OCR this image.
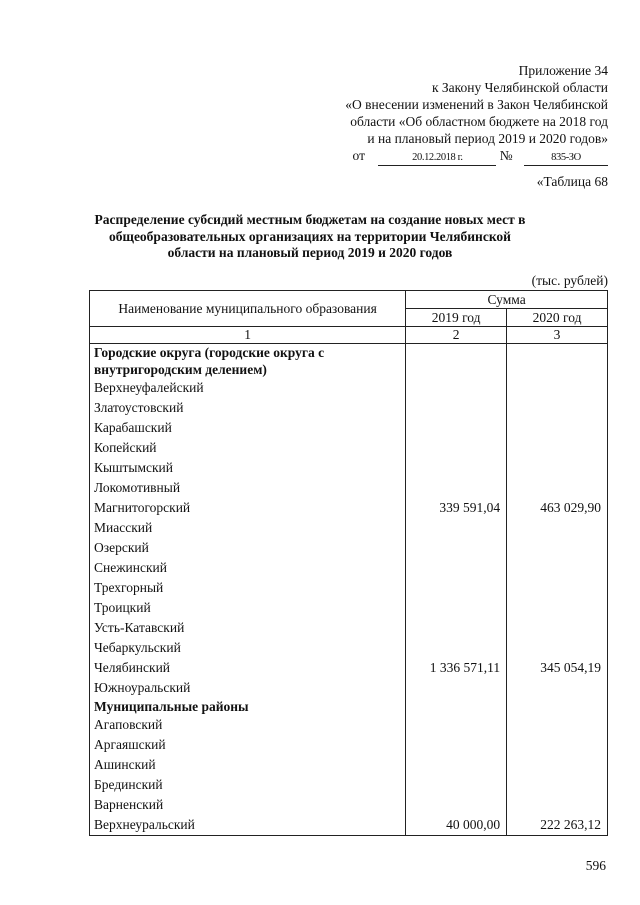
Приложение 34
к Закону Челябинской области
«О внесении изменений в Закон Челябинской
области «Об областном бюджете на 2018 год
и на плановый период 2019 и 2020 годов»
от	20.12.2018 г.	№	835-ЗО
«Таблица 68
Распределение субсидий местным бюджетам на создание новых мест в общеобразовательных организациях на территории Челябинской области на плановый период 2019 и 2020 годов
(тыс. рублей)
Наименование муниципального образования	Сумма	
	2019 год	2020 год
1	2	3
Городские округа (городские округа с внутригородским делением)		
Верхнеуфалейский		
Златоустовский		
Карабашский		
Копейский		
Кыштымский		
Локомотивный		
Магнитогорский	339 591,04	463 029,90
Миасский		
Озерский		
Снежинский		
Трехгорный		
Троицкий		
Усть-Катавский		
Чебаркульский		
Челябинский	1 336 571,11	345 054,19
Южноуральский		
Муниципальные районы		
Агаповский		
Аргаяшский		
Ашинский		
Брединский		
Варненский		
Верхнеуральский	40 000,00	222 263,12
596
